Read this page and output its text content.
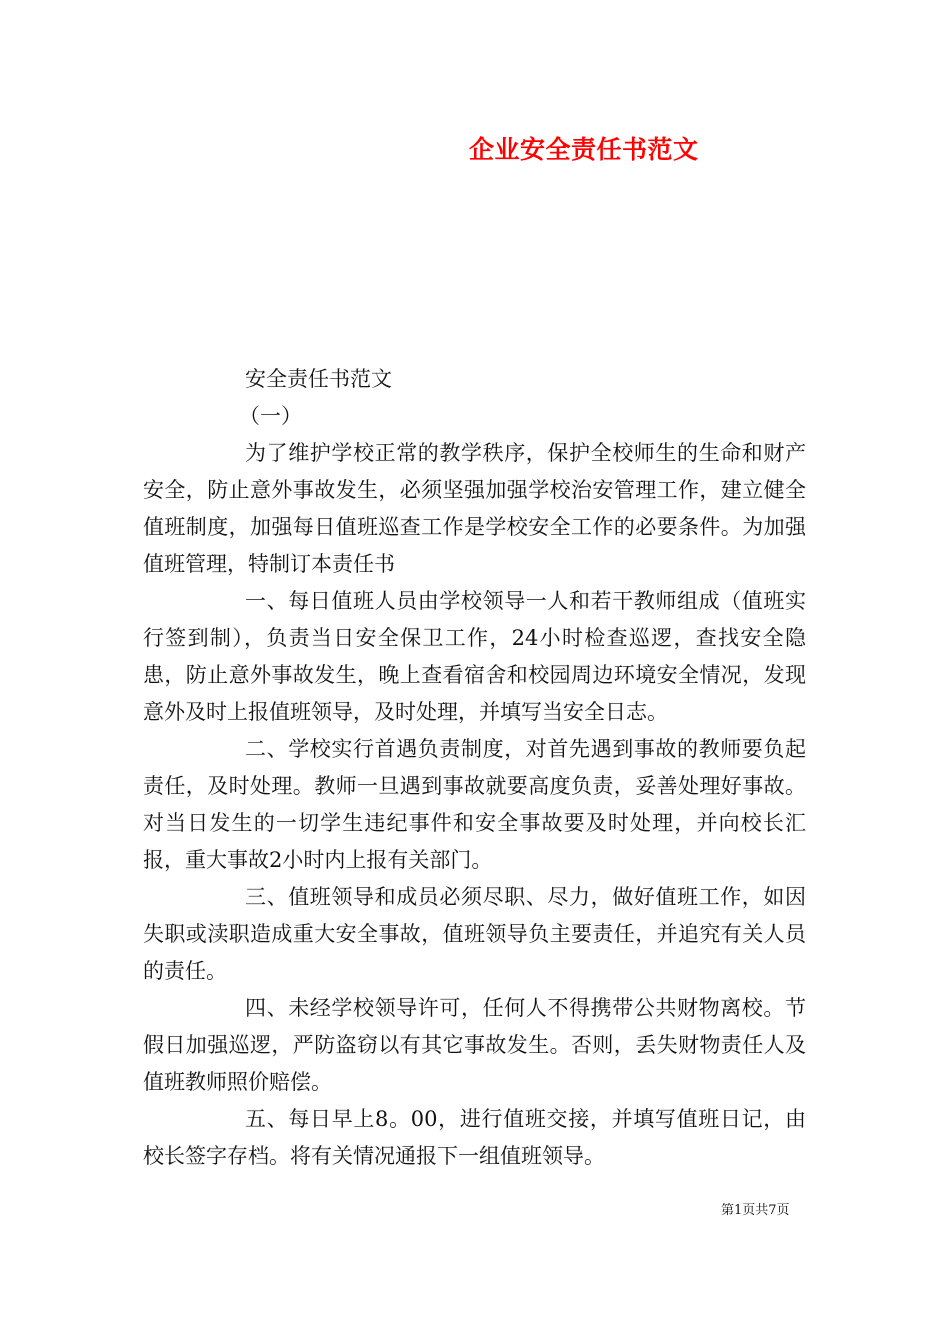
企业安全责任书范文

安全责任书范文

（一）

为了维护学校正常的教学秩序，保护全校师生的生命和财产安全，防止意外事故发生，必须坚强加强学校治安管理工作，建立健全值班制度，加强每日值班巡查工作是学校安全工作的必要条件。为加强值班管理，特制订本责任书

一、每日值班人员由学校领导一人和若干教师组成（值班实行签到制），负责当日安全保卫工作，24小时检查巡逻，查找安全隐患，防止意外事故发生，晚上查看宿舍和校园周边环境安全情况，发现意外及时上报值班领导，及时处理，并填写当安全日志。

二、学校实行首遇负责制度，对首先遇到事故的教师要负起责任，及时处理。教师一旦遇到事故就要高度负责，妥善处理好事故。对当日发生的一切学生违纪事件和安全事故要及时处理，并向校长汇报，重大事故2小时内上报有关部门。

三、值班领导和成员必须尽职、尽力，做好值班工作，如因失职或渎职造成重大安全事故，值班领导负主要责任，并追究有关人员的责任。

四、未经学校领导许可，任何人不得携带公共财物离校。节假日加强巡逻，严防盗窃以有其它事故发生。否则，丢失财物责任人及值班教师照价赔偿。

五、每日早上8。00，进行值班交接，并填写值班日记，由校长签字存档。将有关情况通报下一组值班领导。

第1页共7页
